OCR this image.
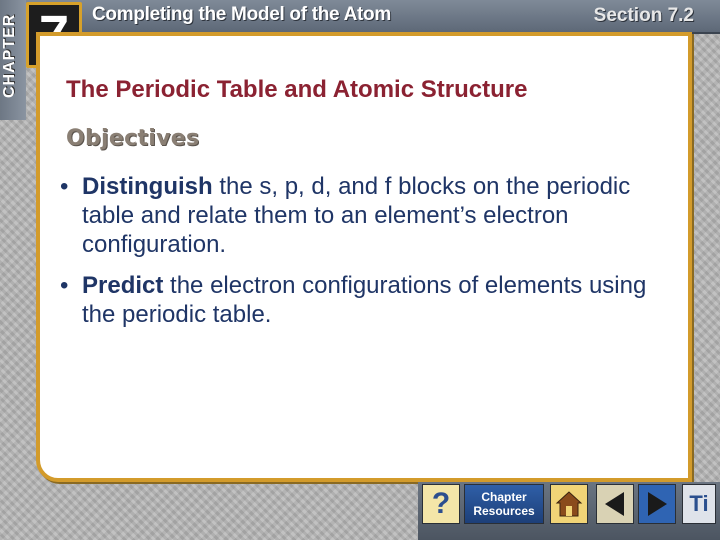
Completing the Model of the Atom	Section 7.2
CHAPTER The Periodic Table and Atomic Structure
Objectives
• Distinguish the s, p, d, and f blocks on the periodic table and relate them to an element’s electron configuration.
• Predict the electron configurations of elements using the periodic table.
?	Chapter
Resources	Ti
